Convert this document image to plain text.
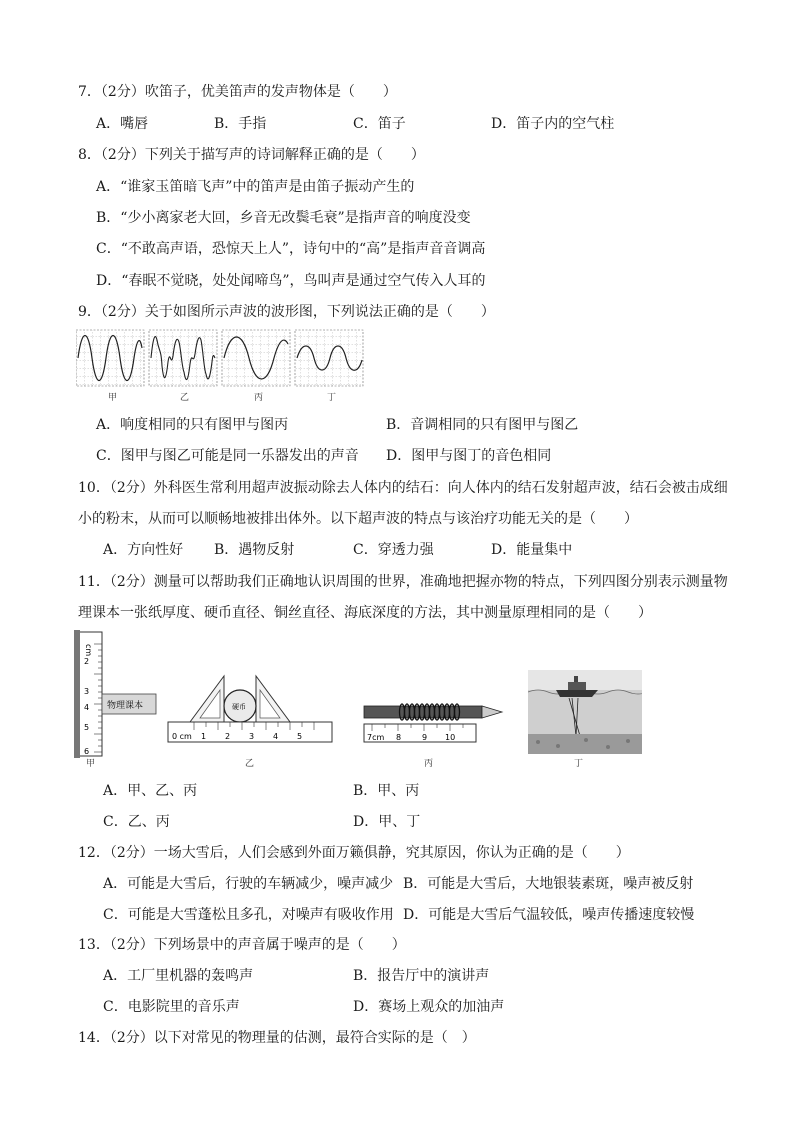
7．（2分）吹笛子，优美笛声的发声物体是（　　）
A．嘴唇	B．手指	C．笛子	D．笛子内的空气柱
8．（2分）下列关于描写声的诗词解释正确的是（　　）
A．“谁家玉笛暗飞声”中的笛声是由笛子振动产生的
B．“少小离家老大回，乡音无改鬓毛衰”是指声音的响度没变
C．“不敢高声语，恐惊天上人”，诗句中的“高”是指声音音调高
D．“春眠不觉晓，处处闻啼鸟”，鸟叫声是通过空气传入人耳的
9．（2分）关于如图所示声波的波形图，下列说法正确的是（　　）
甲	乙	丙	丁
A．响度相同的只有图甲与图丙	B．音调相同的只有图甲与图乙
C．图甲与图乙可能是同一乐器发出的声音 D．图甲与图丁的音色相同
10．（2分）外科医生常利用超声波振动除去人体内的结石：向人体内的结石发射超声波，结石会被击成细
小的粉末，从而可以顺畅地被排出体外。以下超声波的特点与该治疗功能无关的是（　　）
A．方向性好 B．遇物反射	C．穿透力强	D．能量集中
11．（2分）测量可以帮助我们正确地认识周围的世界，准确地把握亦物的特点，下列四图分别表示测量物
理课本一张纸厚度、硬币直径、铜丝直径、海底深度的方法，其中测量原理相同的是（　　）
cm
2
3
4
5
6
物理课本
甲
硬币
0 cm 1 2 3 4 5
乙
7cm 8	9 10
丙	丁
A．甲、乙、丙	B．甲、丙
C．乙、丙	D．甲、丁
12．（2分）一场大雪后，人们会感到外面万籁俱静，究其原因，你认为正确的是（　　）
A．可能是大雪后，行驶的车辆减少，噪声减少 B．可能是大雪后，大地银装素斑，噪声被反射
C．可能是大雪蓬松且多孔，对噪声有吸收作用 D．可能是大雪后气温较低，噪声传播速度较慢
13．（2分）下列场景中的声音属于噪声的是（　　）
A．工厂里机器的轰鸣声	B．报告厅中的演讲声
C．电影院里的音乐声	D．赛场上观众的加油声
14．（2分）以下对常见的物理量的估测，最符合实际的是（　）
